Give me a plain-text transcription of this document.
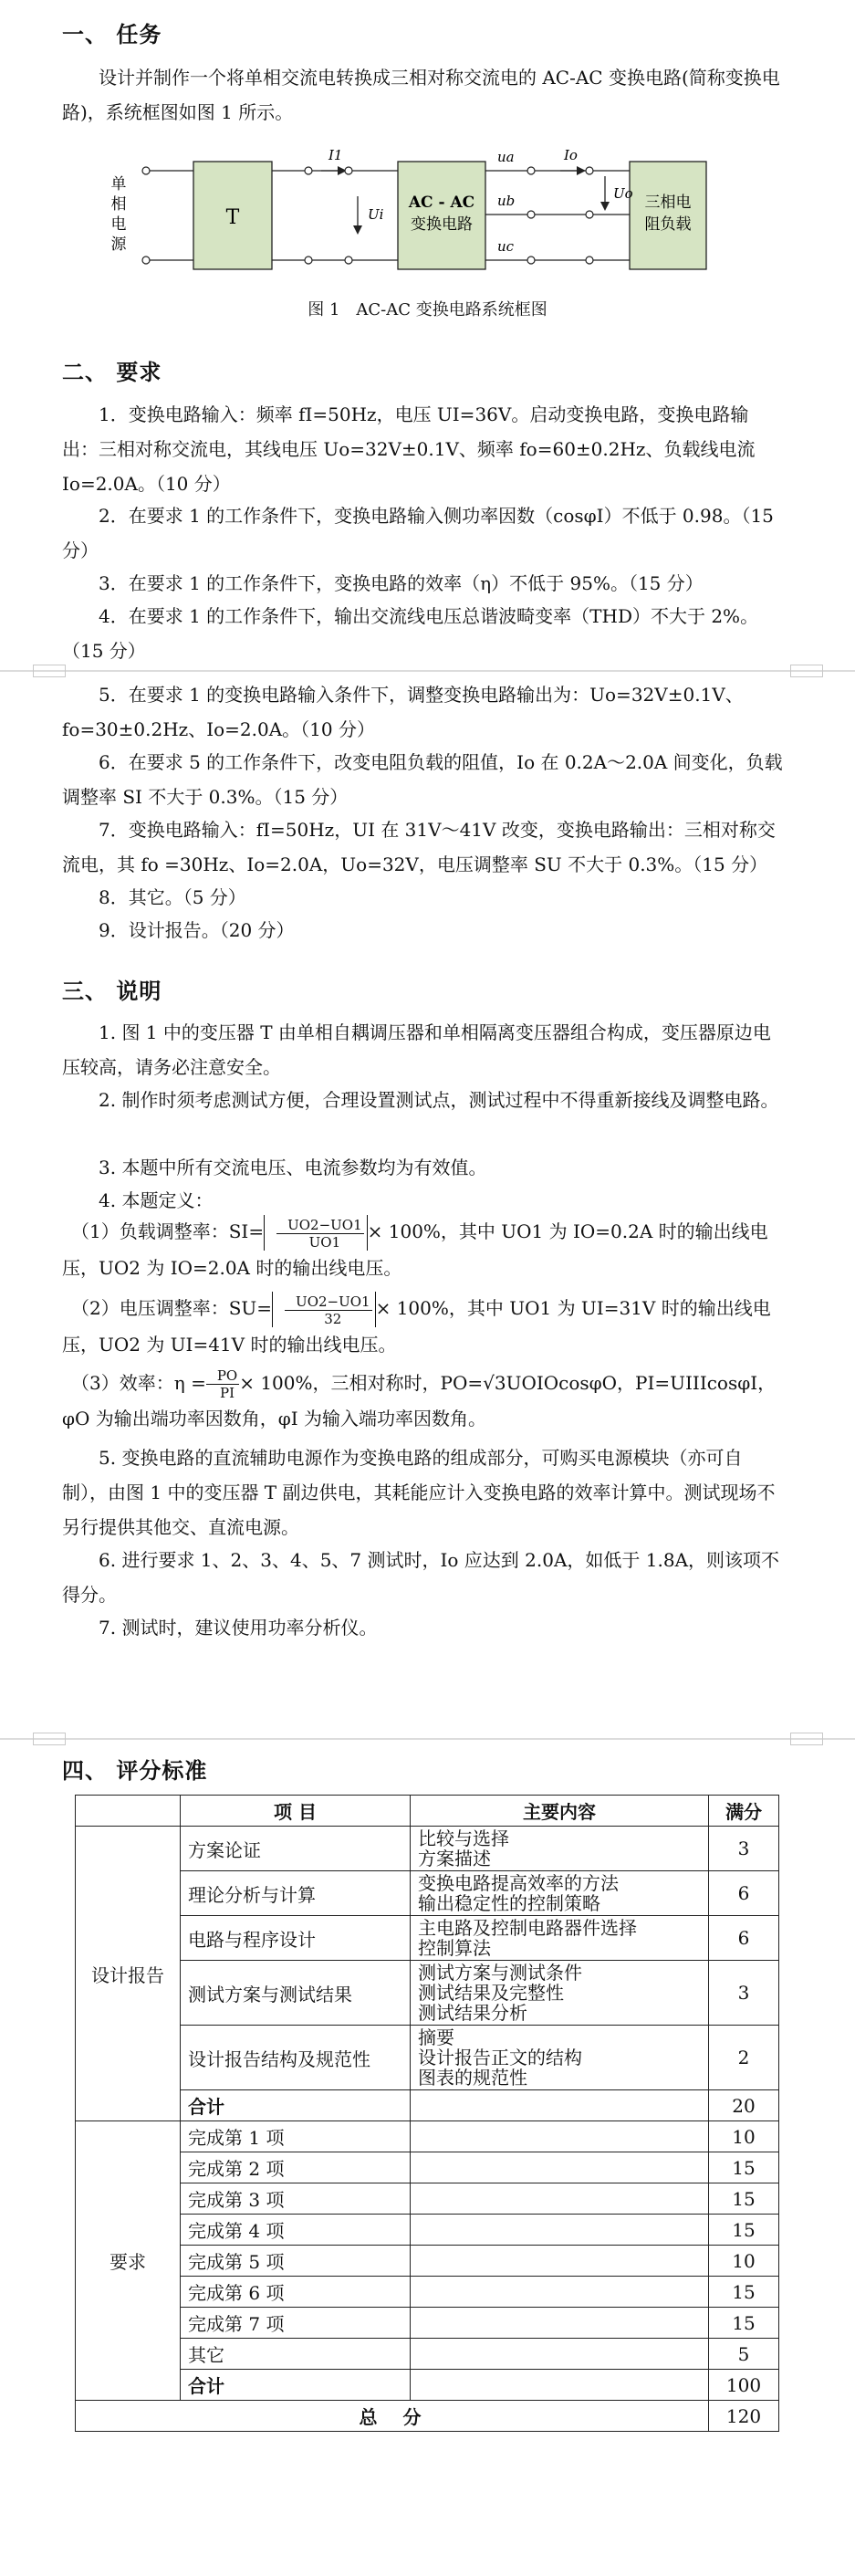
一、 任务
设计并制作一个将单相交流电转换成三相对称交流电的 AC-AC 变换电路(简称变换电路)，系统框图如图 1 所示。
单
相
电
源
T
AC - AC
变换电路
三相电
阻负载
I1
Ui
ua
ub
uc
Io
Uo
图 1　AC-AC 变换电路系统框图
二、 要求
1．变换电路输入：频率 fI=50Hz，电压 UI=36V。启动变换电路，变换电路输出：三相对称交流电，其线电压 Uo=32V±0.1V、频率 fo=60±0.2Hz、负载线电流 Io=2.0A。（10 分）
2．在要求 1 的工作条件下，变换电路输入侧功率因数（cosφI）不低于 0.98。（15 分）
3．在要求 1 的工作条件下，变换电路的效率（η）不低于 95%。（15 分）
4．在要求 1 的工作条件下，输出交流线电压总谐波畸变率（THD）不大于 2%。（15 分）
5．在要求 1 的变换电路输入条件下，调整变换电路输出为：Uo=32V±0.1V、fo=30±0.2Hz、Io=2.0A。（10 分）
6．在要求 5 的工作条件下，改变电阻负载的阻值，Io 在 0.2A～2.0A 间变化，负载调整率 SI 不大于 0.3%。（15 分）
7．变换电路输入：fI=50Hz，UI 在 31V～41V 改变，变换电路输出：三相对称交流电，其 fo =30Hz、Io=2.0A，Uo=32V，电压调整率 SU 不大于 0.3%。（15 分）
8．其它。（5 分）
9．设计报告。（20 分）
三、 说明
1. 图 1 中的变压器 T 由单相自耦调压器和单相隔离变压器组合构成，变压器原边电压较高，请务必注意安全。
2. 制作时须考虑测试方便，合理设置测试点，测试过程中不得重新接线及调整电路。
3. 本题中所有交流电压、电流参数均为有效值。
4. 本题定义：
（1）负载调整率：$SI= \frac{UO2-UO1}{UO1} \times 100\%$，其中 UO1 为 IO=0.2A 时的输出线电压，UO2 为 IO=2.0A 时的输出线电压。
（2）电压调整率：$SU= \frac{UO2-UO1}{32} \times 100\%$，其中 UO1 为 UI=31V 时的输出线电压，UO2 为 UI=41V 时的输出线电压。
（3）效率：$\eta = \frac{PO}{PI} \times 100\%$，三相对称时，PO=√3UOIOcosφO，PI=UIIIcosφI，φO 为输出端功率因数角，φI 为输入端功率因数角。
5. 变换电路的直流辅助电源作为变换电路的组成部分，可购买电源模块（亦可自制），由图 1 中的变压器 T 副边供电，其耗能应计入变换电路的效率计算中。测试现场不另行提供其他交、直流电源。
6. 进行要求 1、2、3、4、5、7 测试时，Io 应达到 2.0A，如低于 1.8A，则该项不得分。
7. 测试时，建议使用功率分析仪。
四、 评分标准
	项 目	主要内容	满分
设计报告	方案论证	比较与选择
方案描述	3
	理论分析与计算	变换电路提高效率的方法
输出稳定性的控制策略	6
	电路与程序设计	主电路及控制电路器件选择
控制算法	6
	测试方案与测试结果	测试方案与测试条件
测试结果及完整性
测试结果分析	3
	设计报告结构及规范性	摘要
设计报告正文的结构
图表的规范性	2
	合计		20
要求	完成第 1 项		10
	完成第 2 项		15
	完成第 3 项		15
	完成第 4 项		15
	完成第 5 项		10
	完成第 6 项		15
	完成第 7 项		15
	其它		5
	合计		100
总　分			120
